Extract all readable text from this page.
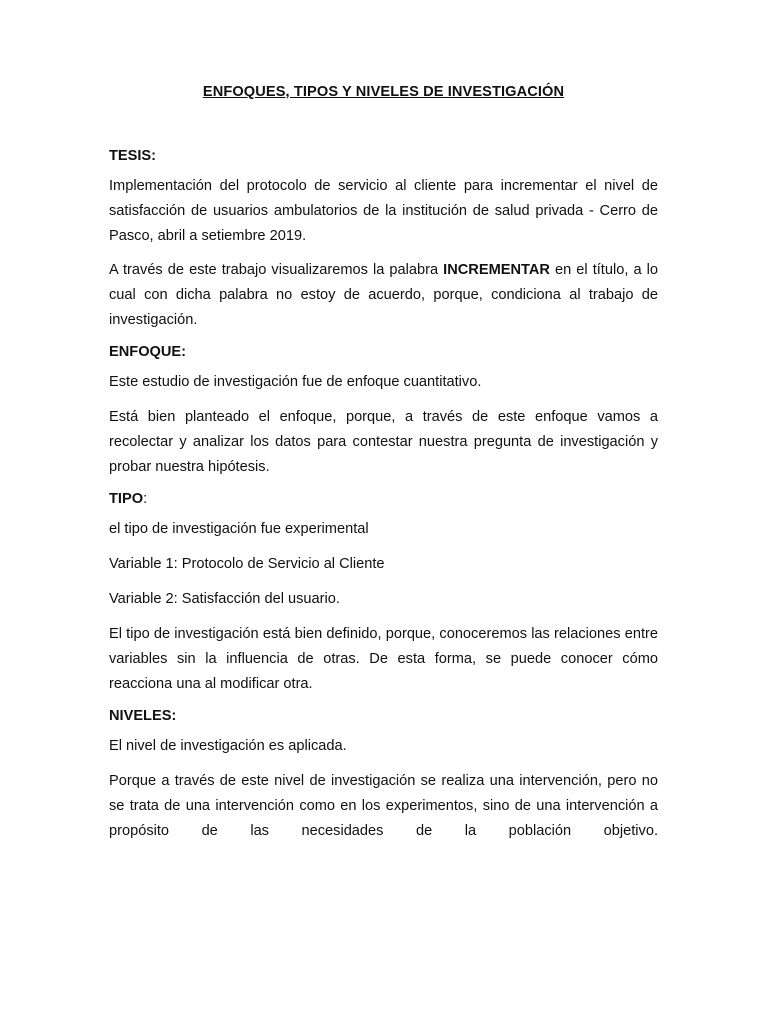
ENFOQUES, TIPOS Y NIVELES DE INVESTIGACIÓN
TESIS:

Implementación del protocolo de servicio al cliente para incrementar el nivel de satisfacción de usuarios ambulatorios de la institución de salud privada - Cerro de Pasco, abril a setiembre 2019.

A través de este trabajo visualizaremos la palabra INCREMENTAR en el título, a lo cual con dicha palabra no estoy de acuerdo, porque, condiciona al trabajo de investigación.

ENFOQUE:

Este estudio de investigación fue de enfoque cuantitativo.

Está bien planteado el enfoque, porque, a través de este enfoque vamos a recolectar y analizar los datos para contestar nuestra pregunta de investigación y probar nuestra hipótesis.

TIPO:

el tipo de investigación fue experimental

Variable 1: Protocolo de Servicio al Cliente

Variable 2: Satisfacción del usuario.

El tipo de investigación está bien definido, porque, conoceremos las relaciones entre variables sin la influencia de otras. De esta forma, se puede conocer cómo reacciona una al modificar otra.

NIVELES:

El nivel de investigación es aplicada.

Porque a través de este nivel de investigación se realiza una intervención, pero no se trata de una intervención como en los experimentos, sino de una intervención a propósito de las necesidades de la población objetivo.
